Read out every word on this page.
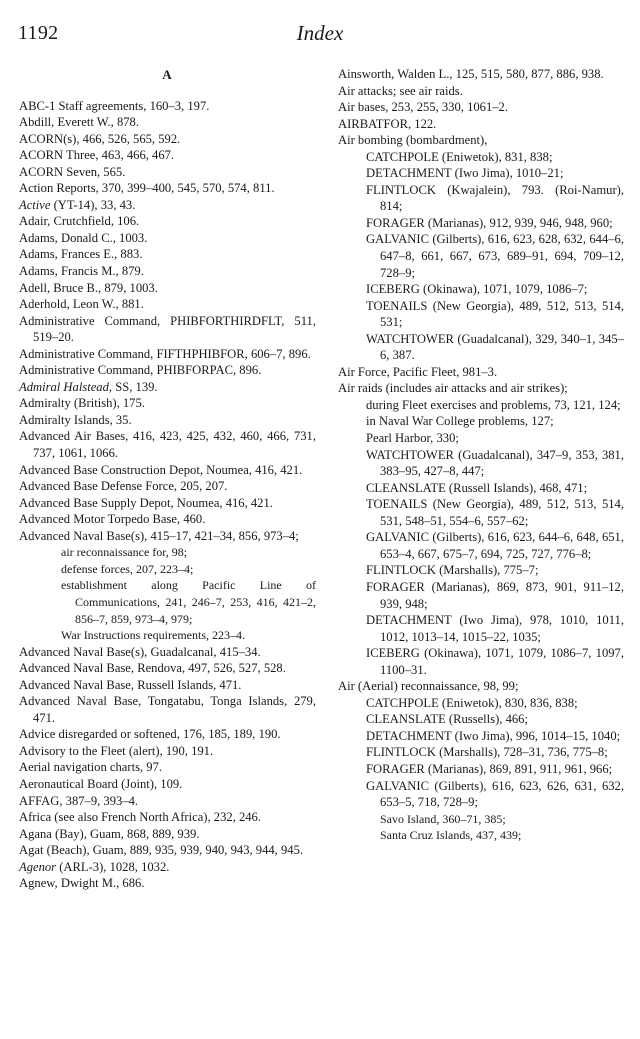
1192	Index
A

ABC-1 Staff agreements, 160–3, 197.

Abdill, Everett W., 878.

ACORN(s), 466, 526, 565, 592.

ACORN Three, 463, 466, 467.

ACORN Seven, 565.

Action Reports, 370, 399–400, 545, 570, 574, 811.

Active (YT-14), 33, 43.

Adair, Crutchfield, 106.

Adams, Donald C., 1003.

Adams, Frances E., 883.

Adams, Francis M., 879.

Adell, Bruce B., 879, 1003.

Aderhold, Leon W., 881.

Administrative Command, PHIBFORTHIRDFLT, 511, 519–20.

Administrative Command, FIFTHPHIBFOR, 606–7, 896.

Administrative Command, PHIBFORPAC, 896.

Admiral Halstead, SS, 139.

Admiralty (British), 175.

Admiralty Islands, 35.

Advanced Air Bases, 416, 423, 425, 432, 460, 466, 731, 737, 1061, 1066.

Advanced Base Construction Depot, Noumea, 416, 421.

Advanced Base Defense Force, 205, 207.

Advanced Base Supply Depot, Noumea, 416, 421.

Advanced Motor Torpedo Base, 460.

Advanced Naval Base(s), 415–17, 421–34, 856, 973–4;

air reconnaissance for, 98;

defense forces, 207, 223–4;

establishment along Pacific Line of Communications, 241, 246–7, 253, 416, 421–2, 856–7, 859, 973–4, 979;

War Instructions requirements, 223–4.

Advanced Naval Base(s), Guadalcanal, 415–34.

Advanced Naval Base, Rendova, 497, 526, 527, 528.

Advanced Naval Base, Russell Islands, 471.

Advanced Naval Base, Tongatabu, Tonga Islands, 279, 471.

Advice disregarded or softened, 176, 185, 189, 190.

Advisory to the Fleet (alert), 190, 191.

Aerial navigation charts, 97.

Aeronautical Board (Joint), 109.

AFFAG, 387–9, 393–4.

Africa (see also French North Africa), 232, 246.

Agana (Bay), Guam, 868, 889, 939.

Agat (Beach), Guam, 889, 935, 939, 940, 943, 944, 945.

Agenor (ARL-3), 1028, 1032.

Agnew, Dwight M., 686.

Ainsworth, Walden L., 125, 515, 580, 877, 886, 938.

Air attacks; see air raids.

Air bases, 253, 255, 330, 1061–2.

AIRBATFOR, 122.

Air bombing (bombardment),

CATCHPOLE (Eniwetok), 831, 838;

DETACHMENT (Iwo Jima), 1010–21;

FLINTLOCK (Kwajalein), 793. (Roi-Namur), 814;

FORAGER (Marianas), 912, 939, 946, 948, 960;

GALVANIC (Gilberts), 616, 623, 628, 632, 644–6, 647–8, 661, 667, 673, 689–91, 694, 709–12, 728–9;

ICEBERG (Okinawa), 1071, 1079, 1086–7;

TOENAILS (New Georgia), 489, 512, 513, 514, 531;

WATCHTOWER (Guadalcanal), 329, 340–1, 345–6, 387.

Air Force, Pacific Fleet, 981–3.

Air raids (includes air attacks and air strikes);

during Fleet exercises and problems, 73, 121, 124;

in Naval War College problems, 127;

Pearl Harbor, 330;

WATCHTOWER (Guadalcanal), 347–9, 353, 381, 383–95, 427–8, 447;

CLEANSLATE (Russell Islands), 468, 471;

TOENAILS (New Georgia), 489, 512, 513, 514, 531, 548–51, 554–6, 557–62;

GALVANIC (Gilberts), 616, 623, 644–6, 648, 651, 653–4, 667, 675–7, 694, 725, 727, 776–8;

FLINTLOCK (Marshalls), 775–7;

FORAGER (Marianas), 869, 873, 901, 911–12, 939, 948;

DETACHMENT (Iwo Jima), 978, 1010, 1011, 1012, 1013–14, 1015–22, 1035;

ICEBERG (Okinawa), 1071, 1079, 1086–7, 1097, 1100–31.

Air (Aerial) reconnaissance, 98, 99;

CATCHPOLE (Eniwetok), 830, 836, 838;

CLEANSLATE (Russells), 466;

DETACHMENT (Iwo Jima), 996, 1014–15, 1040;

FLINTLOCK (Marshalls), 728–31, 736, 775–8;

FORAGER (Marianas), 869, 891, 911, 961, 966;

GALVANIC (Gilberts), 616, 623, 626, 631, 632, 653–5, 718, 728–9;

Savo Island, 360–71, 385;

Santa Cruz Islands, 437, 439;
